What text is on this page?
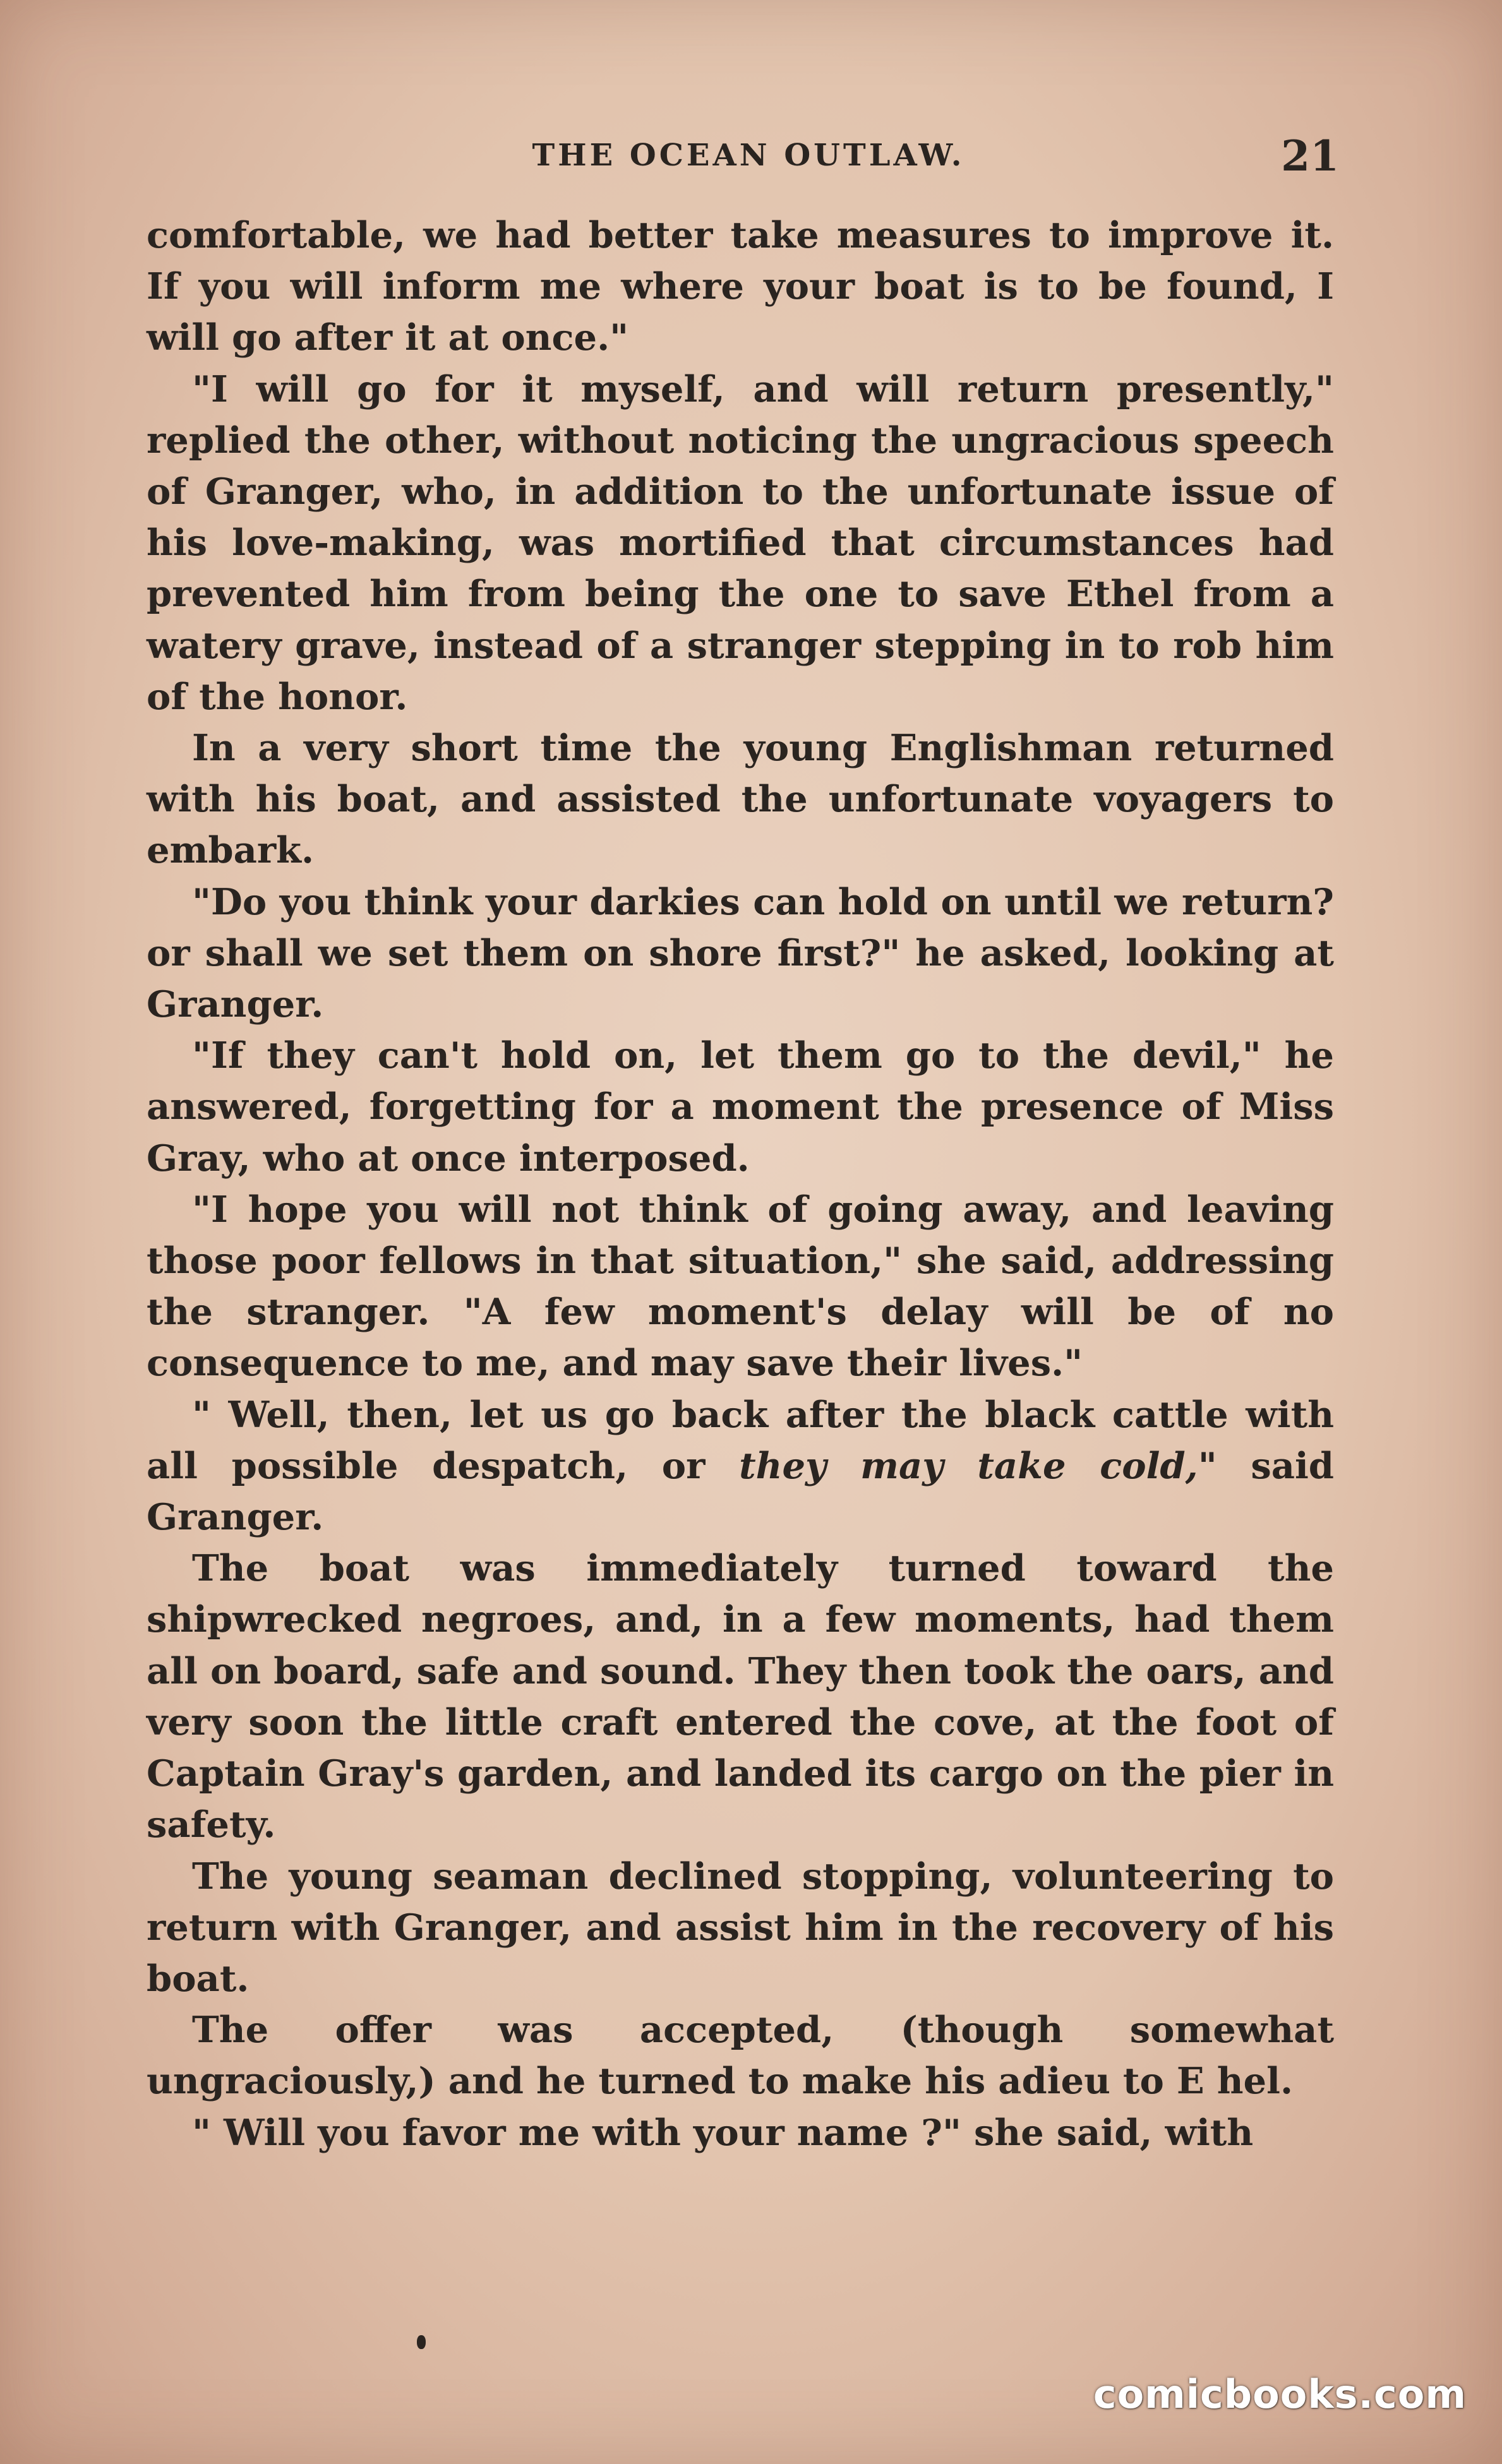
THE OCEAN OUTLAW.	21

comfortable, we had better take measures to improve it. If you will inform me where your boat is to be found, I will go after it at once."

"I will go for it myself, and will return presently," replied the other, without noticing the ungracious speech of Granger, who, in addition to the unfortunate issue of his love-making, was mortified that circumstances had prevented him from being the one to save Ethel from a watery grave, instead of a stranger stepping in to rob him of the honor.

In a very short time the young Englishman returned with his boat, and assisted the unfortunate voyagers to embark.

"Do you think your darkies can hold on until we return? or shall we set them on shore first?" he asked, looking at Granger.

"If they can't hold on, let them go to the devil," he answered, forgetting for a moment the presence of Miss Gray, who at once interposed.

"I hope you will not think of going away, and leaving those poor fellows in that situation," she said, addressing the stranger. "A few moment's delay will be of no consequence to me, and may save their lives."

" Well, then, let us go back after the black cattle with all possible despatch, or they may take cold," said Granger.

The boat was immediately turned toward the shipwrecked negroes, and, in a few moments, had them all on board, safe and sound. They then took the oars, and very soon the little craft entered the cove, at the foot of Captain Gray's garden, and landed its cargo on the pier in safety.

The young seaman declined stopping, volunteering to return with Granger, and assist him in the recovery of his boat.

The offer was accepted, (though somewhat ungraciously,) and he turned to make his adieu to E hel.

" Will you favor me with your name ?" she said, with

comicbooks.com
